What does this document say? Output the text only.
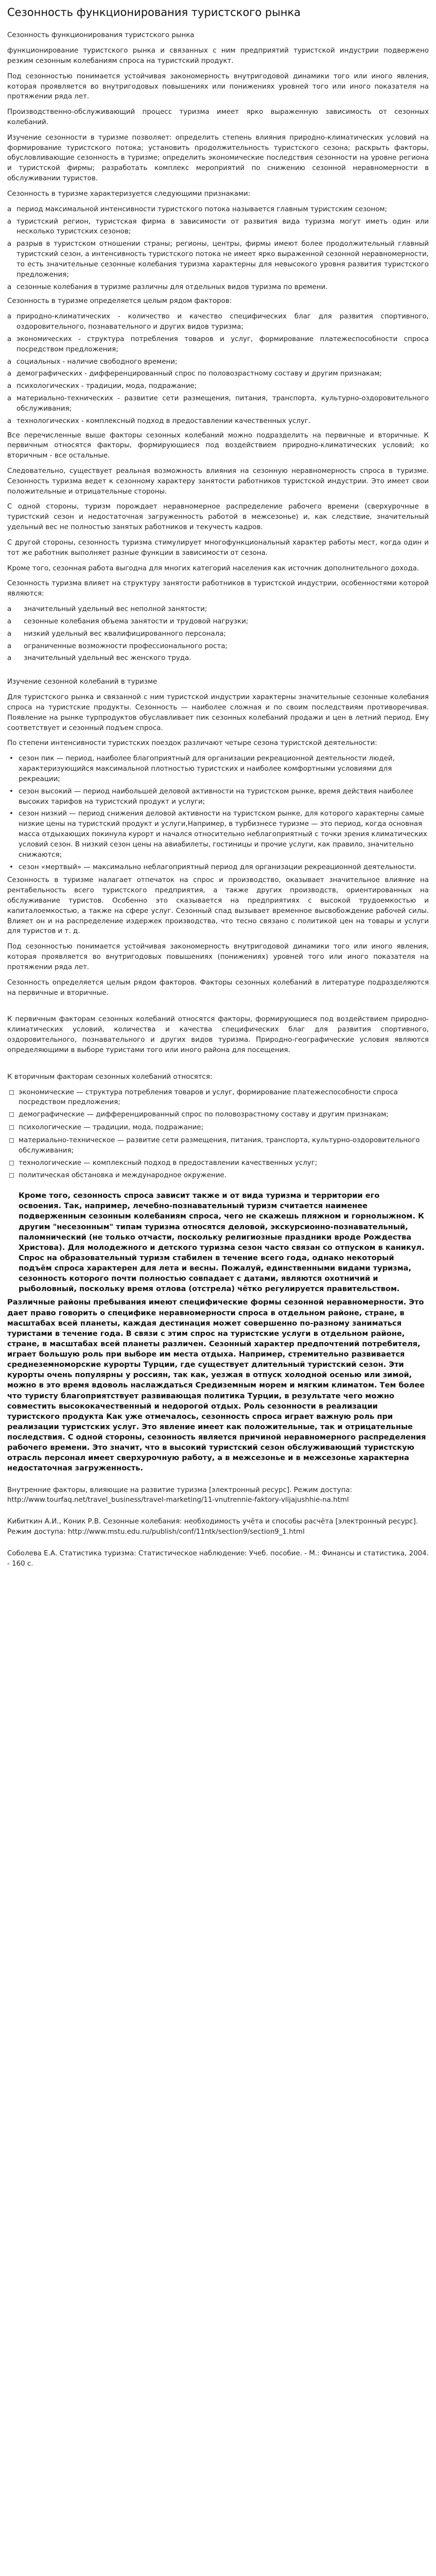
Сезонность функционирования туристского рынка

Сезонность функционирования туристского рынка

функционирование туристского рынка и связанных с ним предприятий туристской индустрии подвержено резким сезонным колебаниям спроса на туристский продукт.

Под сезонностью понимается устойчивая закономерность внутригодовой динамики того или иного явления, которая проявляется во внутригодовых повышениях или понижениях уровней того или иного показателя на протяжении ряда лет.

Производственно-обслуживающий процесс туризма имеет ярко выраженную зависимость от сезонных колебаний.

Изучение сезонности в туризме позволяет: определить степень влияния природно-климатических условий на формирование туристского потока; установить продолжительность туристского сезона; раскрыть факторы, обусловливающие сезонность в туризме; определить экономические последствия сезонности на уровне региона и туристской фирмы; разработать комплекс мероприятий по снижению сезонной неравномерности в обслуживании туристов.

Сезонность в туризме характеризуется следующими признаками:

а период максимальной интенсивности туристского потока называется главным туристским сезоном;
а туристский регион, туристская фирма в зависимости от развития вида туризма могут иметь один или несколько туристских сезонов;
а разрыв в туристском отношении страны; регионы, центры, фирмы имеют более продолжительный главный туристский сезон, а интенсивность туристского потока не имеет ярко выраженной сезонной неравномерности, то есть значительные сезонные колебания туризма характерны для невысокого уровня развития туристского предложения;
а сезонные колебания в туризме различны для отдельных видов туризма по времени.

Сезонность в туризме определяется целым рядом факторов:

а природно-климатических - количество и качество специфических благ для развития спортивного, оздоровительного, познавательного и других видов туризма;
а экономических - структура потребления товаров и услуг, формирование платежеспособности спроса посредством предложения;
а социальных - наличие свободного времени;
а демографических - дифференцированный спрос по половозрастному составу и другим признакам;
а психологических - традиции, мода, подражание;
а материально-технических - развитие сети размещения, питания, транспорта, культурно-оздоровительного обслуживания;
а технологических - комплексный подход в предоставлении качественных услуг.

Все перечисленные выше факторы сезонных колебаний можно подразделить на первичные и вторичные. К первичным относятся факторы, формирующиеся под воздействием природно-климатических условий; ко вторичным - все остальные.

Следовательно, существует реальная возможность влияния на сезонную неравномерность спроса в туризме. Сезонность туризма ведет к сезонному характеру занятости работников туристской индустрии. Это имеет свои положительные и отрицательные стороны.

С одной стороны, туризм порождает неравномерное распределение рабочего времени (сверхурочные в туристский сезон и недостаточная загруженность работой в межсезонье) и, как следствие, значительный удельный вес не полностью занятых работников и текучесть кадров.

С другой стороны, сезонность туризма стимулирует многофункциональный характер работы мест, когда один и тот же работник выполняет разные функции в зависимости от сезона.

Кроме того, сезонная работа выгодна для многих категорий населения как источник дополнительного дохода.

Сезонность туризма влияет на структуру занятости работников в туристской индустрии, особенностями которой являются:

а	значительный удельный вес неполной занятости;
а	сезонные колебания объема занятости и трудовой нагрузки;
а	низкий удельный вес квалифицированного персонала;
а	ограниченные возможности профессионального роста;
а	значительный удельный вес женского труда.

Изучение сезонной колебаний в туризме

Для туристского рынка и связанной с ним туристской индустрии характерны значительные сезонные колебания спроса на туристские продукты. Сезонность — наиболее сложная и по своим последствиям противоречивая. Появление на рынке турпродуктов обуславливает пик сезонных колебаний продажи и цен в летний период. Ему соответствует и сезонный подъем спроса.

По степени интенсивности туристских поездок различают четыре сезона туристской деятельности:

• сезон пик — период, наиболее благоприятный для организации рекреационной деятельности людей, характеризующийся максимальной плотностью туристских и наиболее комфортными условиями для рекреации;
• сезон высокий — период наибольшей деловой активности на туристском рынке, время действия наиболее высоких тарифов на туристский продукт и услуги;
• сезон низкий — период снижения деловой активности на туристском рынке, для которого характерны самые низкие цены на туристский продукт и услуги,Например, в турбизнесе туризме — это период, когда основная масса отдыхающих покинула курорт и начался относительно неблагоприятный с точки зрения климатических условий сезон. В низкий сезон цены на авиабилеты, гостиницы и прочие услуги, как правило, значительно снижаются;
• сезон «мертвый» — максимально неблагоприятный период для организации рекреационной деятельности.

Сезонность в туризме налагает отпечаток на спрос и производство, оказывает значительное влияние на рентабельность всего туристского предприятия, а также других производств, ориентированных на обслуживание туристов. Особенно это сказывается на предприятиях с высокой трудоемкостью и капиталоемкостью, а также на сфере услуг. Сезонный спад вызывает временное высвобождение рабочей силы. Влияет он и на распределение издержек производства, что тесно связано с политикой цен на товары и услуги для туристов и т. д.

Под сезонностью понимается устойчивая закономерность внутригодовой динамики того или иного явления, которая проявляется во внутригодовых повышениях (понижениях) уровней того или иного показателя на протяжении ряда лет.

Сезонность определяется целым рядом факторов. Факторы сезонных колебаний в литературе подразделяются на первичные и вторичные.

К первичным факторам сезонных колебаний относятся факторы, формирующиеся под воздействием природно-климатических условий, количества и качества специфических благ для развития спортивного, оздоровительного, познавательного и других видов туризма. Природно-географические условия являются определяющими в выборе туристами того или иного района для посещения.

К вторичным факторам сезонных колебаний относятся:

экономические — структура потребления товаров и услуг, формирование платежеспособности спроса посредством предложения;
демографические — дифференцированный спрос по половозрастному составу и другим признакам;
психологические — традиции, мода, подражание;
материально-техническое — развитие сети размещения, питания, транспорта, культурно-оздоровительного обслуживания;
технологические — комплексный подход в предоставлении качественных услуг;
политическая обстановка и международное окружение.

Кроме того, сезонность спроса зависит также и от вида туризма и территории его освоения. Так, например, лечебно-познавательный туризм считается наименее подверженным сезонным колебаниям спроса, чего не скажешь пляжном и горнолыжном. К другим "несезонным" типам туризма относятся деловой, экскурсионно-познавательный, паломнический (не только отчасти, поскольку религиозные праздники вроде Рождества Христова). Для молодежного и детского туризма сезон часто связан со отпуском в каникул. Спрос на образовательный туризм стабилен в течение всего года, однако некоторый подъём спроса характерен для лета и весны. Пожалуй, единственными видами туризма, сезонность которого почти полностью совпадает с датами, являются охотничий и рыболовный, поскольку время отлова (отстрела) чётко регулируется правительством.

Различные районы пребывания имеют специфические формы сезонной неравномерности. Это дает право говорить о специфике неравномерности спроса в отдельном районе, стране, в масштабах всей планеты, каждая дестинация может совершенно по-разному заниматься туристами в течение года. В связи с этим спрос на туристские услуги в отдельном районе, стране, в масштабах всей планеты различен. Сезонный характер предпочтений потребителя, играет большую роль при выборе им места отдыха. Например, стремительно развивается среднеземноморские курорты Турции, где существует длительный туристский сезон. Эти курорты очень популярны у россиян, так как, уезжая в отпуск холодной осенью или зимой, можно в это время вдоволь наслаждаться Средиземным морем и мягким климатом. Тем более что туристу благоприятствует развивающая политика Турции, в результате чего можно совместить высококачественный и недорогой отдых. Роль сезонности в реализации туристского продукта Как уже отмечалось, сезонность спроса играет важную роль при реализации туристских услуг. Это явление имеет как положительные, так и отрицательные последствия. С одной стороны, сезонность является причиной неравномерного распределения рабочего времени. Это значит, что в высокий туристский сезон обслуживающий туристскую отрасль персонал имеет сверхурочную работу, а в межсезонье и в межсезонье характерна недостаточная загруженность.

Внутренние факторы, влияющие на развитие туризма [электронный ресурс]. Режим доступа: http://www.tourfaq.net/travel_business/travel-marketing/11-vnutrennie-faktory-vlijajushhie-na.html

Кибиткин А.И., Коник Р.В. Сезонные колебания: необходимость учёта и способы расчёта [электронный ресурс]. Режим доступа: http://www.mstu.edu.ru/publish/conf/11ntk/section9/section9_1.html

Соболева Е.А. Статистика туризма: Статистическое наблюдение: Учеб. пособие. - М.: Финансы и статистика, 2004. - 160 с.
